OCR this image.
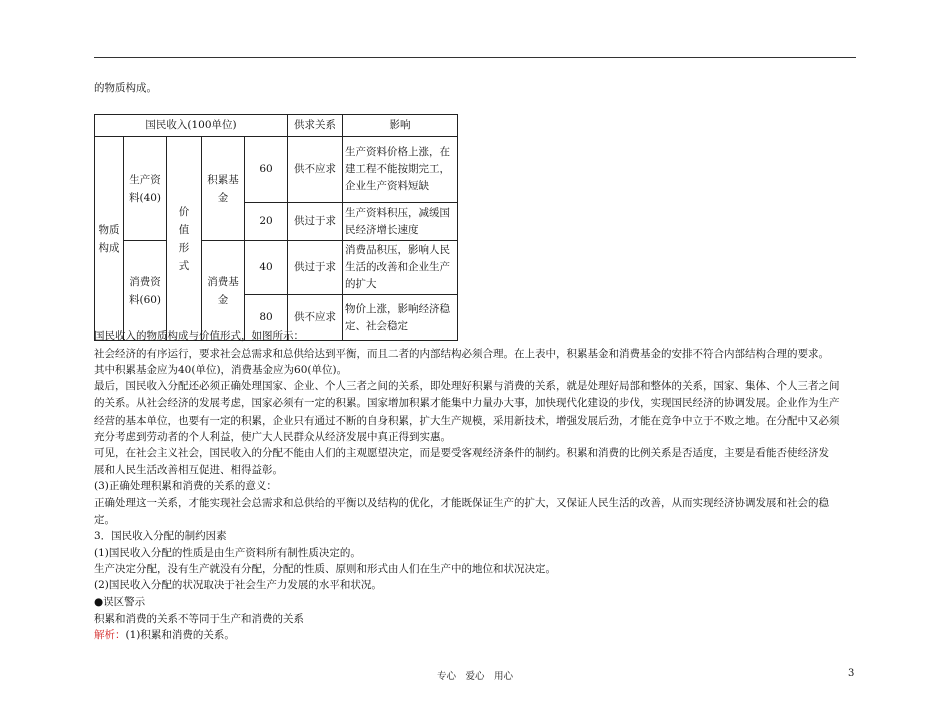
的物质构成。
国民收入(100单位)					供求关系	影响
物质构成	生产资料(40)	价值形式	积累基金	60	供不应求	生产资料价格上涨，在建工程不能按期完工，企业生产资料短缺
				20	供过于求	生产资料积压，减缓国民经济增长速度
	消费资料(60)		消费基金	40	供过于求	消费品积压，影响人民生活的改善和企业生产的扩大
				80	供不应求	物价上涨，影响经济稳定、社会稳定
国民收入的物质构成与价值形式，如图所示：
社会经济的有序运行，要求社会总需求和总供给达到平衡，而且二者的内部结构必须合理。在上表中，积累基金和消费基金的安排不符合内部结构合理的要求。
其中积累基金应为40(单位)，消费基金应为60(单位)。
最后，国民收入分配还必须正确处理国家、企业、个人三者之间的关系，即处理好积累与消费的关系，就是处理好局部和整体的关系，国家、集体、个人三者之间
的关系。从社会经济的发展考虑，国家必须有一定的积累。国家增加积累才能集中力量办大事，加快现代化建设的步伐，实现国民经济的协调发展。企业作为生产
经营的基本单位，也要有一定的积累，企业只有通过不断的自身积累，扩大生产规模，采用新技术，增强发展后劲，才能在竞争中立于不败之地。在分配中又必须
充分考虑到劳动者的个人利益，使广大人民群众从经济发展中真正得到实惠。
可见，在社会主义社会，国民收入的分配不能由人们的主观愿望决定，而是要受客观经济条件的制约。积累和消费的比例关系是否适度，主要是看能否使经济发
展和人民生活改善相互促进、相得益彰。
(3)正确处理积累和消费的关系的意义：
正确处理这一关系，才能实现社会总需求和总供给的平衡以及结构的优化，才能既保证生产的扩大，又保证人民生活的改善，从而实现经济协调发展和社会的稳
定。
3．国民收入分配的制约因素
(1)国民收入分配的性质是由生产资料所有制性质决定的。
生产决定分配，没有生产就没有分配，分配的性质、原则和形式由人们在生产中的地位和状况决定。
(2)国民收入分配的状况取决于社会生产力发展的水平和状况。
●误区警示
积累和消费的关系不等同于生产和消费的关系
解析：(1)积累和消费的关系。
专心　爱心　用心	3
